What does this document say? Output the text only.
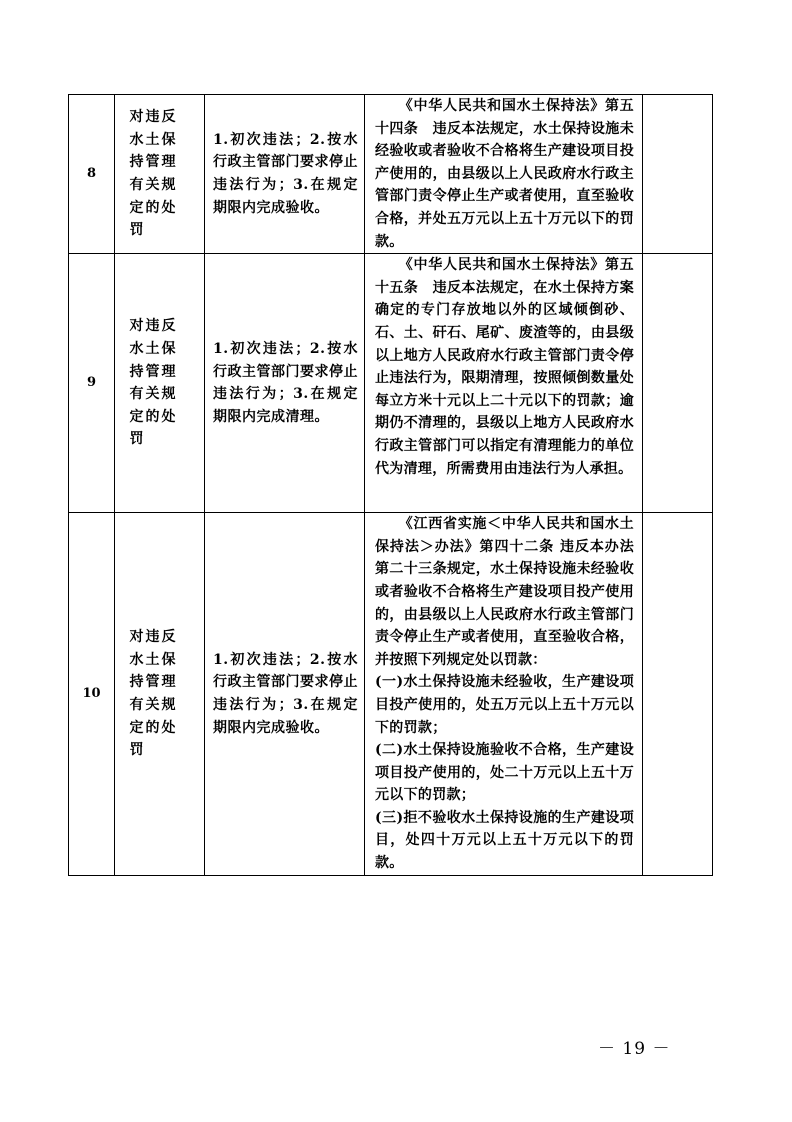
8	对违反水土保持管理有关规定的处罚	1.初次违法；2.按水行政主管部门要求停止违法行为；3.在规定期限内完成验收。	《中华人民共和国水土保持法》第五十四条　违反本法规定，水土保持设施未经验收或者验收不合格将生产建设项目投产使用的，由县级以上人民政府水行政主管部门责令停止生产或者使用，直至验收合格，并处五万元以上五十万元以下的罚款。	

9	对违反水土保持管理有关规定的处罚	1.初次违法；2.按水行政主管部门要求停止违法行为；3.在规定期限内完成清理。	《中华人民共和国水土保持法》第五十五条　违反本法规定，在水土保持方案确定的专门存放地以外的区域倾倒砂、石、土、矸石、尾矿、废渣等的，由县级以上地方人民政府水行政主管部门责令停止违法行为，限期清理，按照倾倒数量处每立方米十元以上二十元以下的罚款；逾期仍不清理的，县级以上地方人民政府水行政主管部门可以指定有清理能力的单位代为清理，所需费用由违法行为人承担。	

10	对违反水土保持管理有关规定的处罚	1.初次违法；2.按水行政主管部门要求停止违法行为；3.在规定期限内完成验收。	《江西省实施＜中华人民共和国水土保持法＞办法》第四十二条 违反本办法第二十三条规定，水土保持设施未经验收或者验收不合格将生产建设项目投产使用的，由县级以上人民政府水行政主管部门责令停止生产或者使用，直至验收合格，并按照下列规定处以罚款：
(一)水土保持设施未经验收，生产建设项目投产使用的，处五万元以上五十万元以下的罚款；
(二)水土保持设施验收不合格，生产建设项目投产使用的，处二十万元以上五十万元以下的罚款；
(三)拒不验收水土保持设施的生产建设项目，处四十万元以上五十万元以下的罚款。	

－ 19 －
